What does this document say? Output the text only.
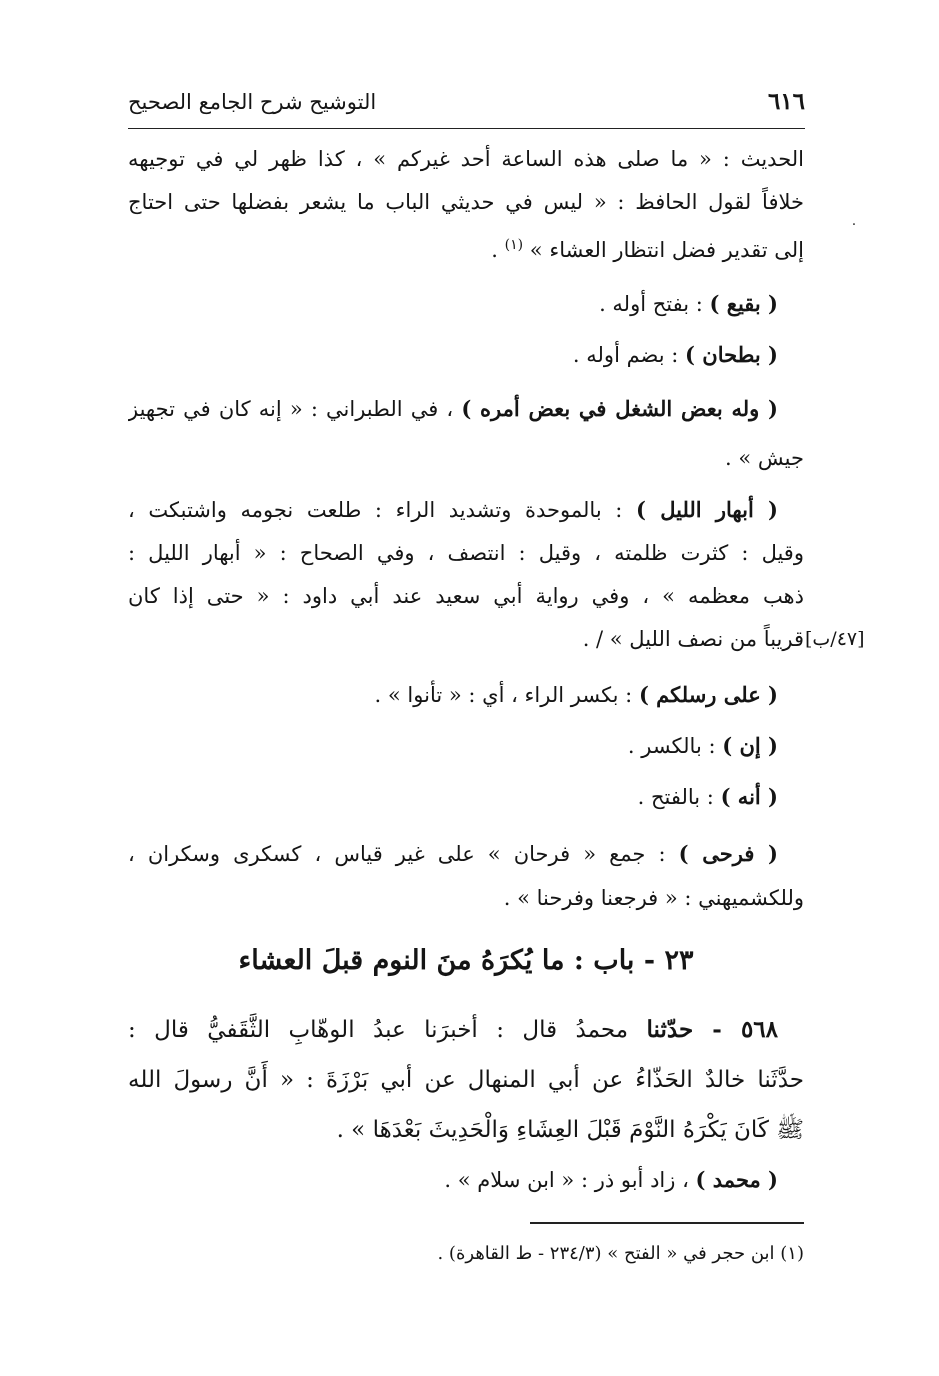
٦١٦
التوشيح شرح الجامع الصحيح
الحديث : « ما صلى هذه الساعة أحد غيركم » ، كذا ظهر لي في توجيهه
خلافاً لقول الحافظ : « ليس في حديثي الباب ما يشعر بفضلها حتى احتاج
إلى تقدير فضل انتظار العشاء » $^{(١)}$ .
.
( بقيع ) : بفتح أوله .
( بطحان ) : بضم أوله .
( وله بعض الشغل في بعض أمره ) ، في الطبراني : « إنه كان في تجهيز
جيش » .
( أبهار الليل ) : بالموحدة وتشديد الراء : طلعت نجومه واشتبكت ،
وقيل : كثرت ظلمته ، وقيل : انتصف ، وفي الصحاح : « أبهار الليل :
ذهب معظمه » ، وفي رواية أبي سعيد عند أبي داود : « حتى إذا كان
قريباً من نصف الليل » / . [٤٧/ب]
( على رسلكم ) : بكسر الراء ، أي : « تأنوا » .
( إن ) : بالكسر .
( أنه ) : بالفتح .
( فرحى ) : جمع « فرحان » على غير قياس ، كسكرى وسكران ،
وللكشميهني : « فرجعنا وفرحنا » .
٢٣ - باب : ما يُكرَهُ منَ النوم قبلَ العشاء
٥٦٨ - حدّثنا محمدُ قال : أخبرَنا عبدُ الوهّابِ الثَّقَفيُّ قال :
حدَّثَنا خالدٌ الحَذّاءُ عن أبي المنهال عن أبي بَرْزَةَ : « أَنَّ رسولَ الله
ﷺ كَانَ يَكْرَهُ النَّوْمَ قَبْلَ العِشَاءِ وَالْحَدِيثَ بَعْدَهَا » .
( محمد ) ، زاد أبو ذر : « ابن سلام » .
(١) ابن حجر في « الفتح » (٢٣٤/٣ - ط القاهرة) .
